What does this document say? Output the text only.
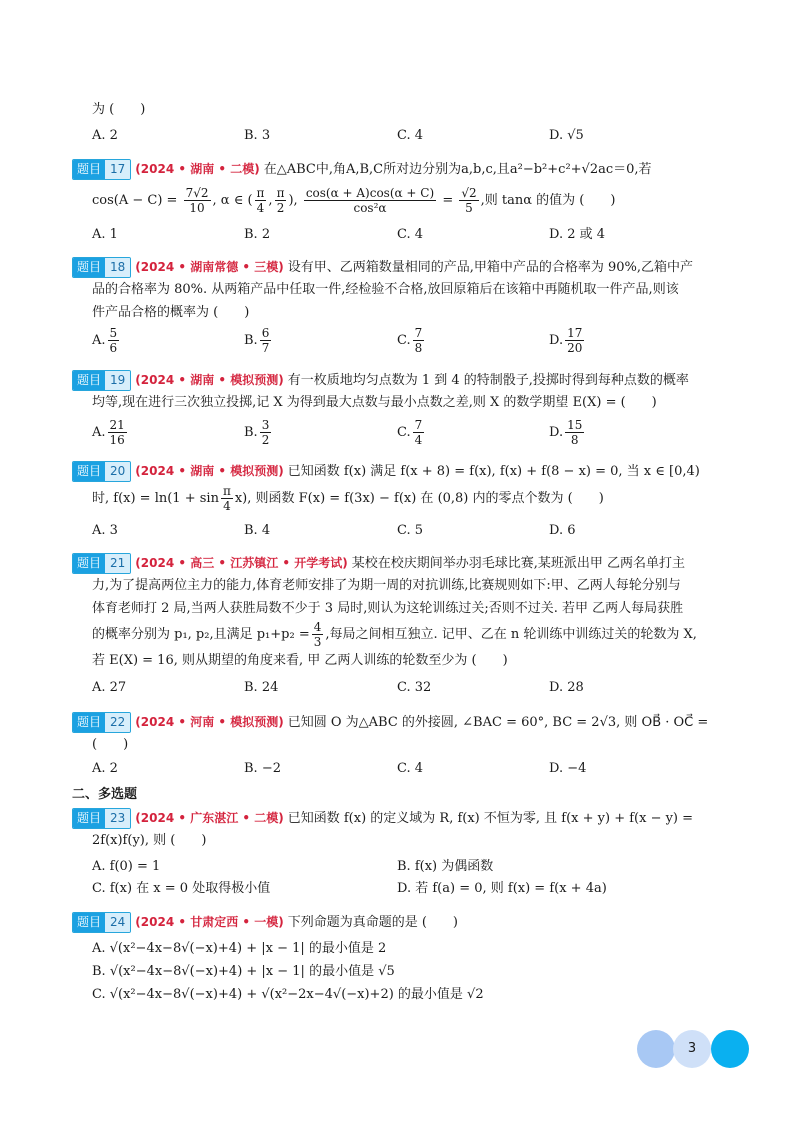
为 (　　)
A. 2	B. 3	C. 4	D. √5
题目 17 (2024 • 湖南 • 二模) 在△ABC中,角A,B,C所对边分别为a,b,c,且a²−b²+c²+√2ac＝0,若
$\cos(A - C) = \frac{7√2}{10}$ , α ∈ ( $\frac{\pi}{4}$ , $\frac{\pi}{2}$ ), $\frac{\cos(\alpha + A)\cos(\alpha + C)}{\text{cos²α}} = \frac{√2}{5}$ ,则 tanα 的值为 (　　)
A. 1	B. 2	C. 4	D. 2 或 4
题目 18 (2024 • 湖南常德 • 三模) 设有甲、乙两箱数量相同的产品,甲箱中产品的合格率为 90%,乙箱中产
品的合格率为 80%. 从两箱产品中任取一件,经检验不合格,放回原箱后在该箱中再随机取一件产品,则该
件产品合格的概率为 (　　)
A. $\frac{5}{6}$	B. $\frac{6}{7}$	C. $\frac{7}{8}$	D. $\frac{17}{20}$
题目 19 (2024 • 湖南 • 模拟预测) 有一枚质地均匀点数为 1 到 4 的特制骰子,投掷时得到每种点数的概率
均等,现在进行三次独立投掷,记 X 为得到最大点数与最小点数之差,则 X 的数学期望 E(X) = (　　)
A. $\frac{21}{16}$	B. $\frac{3}{2}$	C. $\frac{7}{4}$	D. $\frac{15}{8}$
题目 20 (2024 • 湖南 • 模拟预测) 已知函数 f(x) 满足 f(x + 8) = f(x), f(x) + f(8 − x) = 0, 当 x ∈ [0,4)
时, $f(x) = \ln(1 + \sin \frac{\pi}{4} x)$, 则函数 F(x) = f(3x) − f(x) 在 (0,8) 内的零点个数为 (　　)
A. 3	B. 4	C. 5	D. 6
题目 21 (2024 • 高三 • 江苏镇江 • 开学考试) 某校在校庆期间举办羽毛球比赛,某班派出甲 乙两名单打主
力,为了提高两位主力的能力,体育老师安排了为期一周的对抗训练,比赛规则如下:甲、乙两人每轮分别与
体育老师打 2 局,当两人获胜局数不少于 3 局时,则认为这轮训练过关;否则不过关. 若甲 乙两人每局获胜
的概率分别为 p₁, p₂,且满足 $p_1+p_2 = \frac{4}{3}$ ,每局之间相互独立. 记甲、乙在 n 轮训练中训练过关的轮数为 X,
若 E(X) = 16, 则从期望的角度来看, 甲 乙两人训练的轮数至少为 (　　)
A. 27	B. 24	C. 32	D. 28
题目 22 (2024 • 河南 • 模拟预测) 已知圆 O 为△ABC 的外接圆, ∠BAC = 60°, BC = 2√3, 则 OB⃗ · OC⃗ =
(　　)
A. 2	B. −2	C. 4	D. −4
二、多选题
题目 23 (2024 • 广东湛江 • 二模) 已知函数 f(x) 的定义域为 R, f(x) 不恒为零, 且 f(x + y) + f(x − y) =
2f(x)f(y), 则 (　　)
A. f(0) = 1	B. f(x) 为偶函数
C. f(x) 在 x = 0 处取得极小值	D. 若 f(a) = 0, 则 f(x) = f(x + 4a)
题目 24 (2024 • 甘肃定西 • 一模) 下列命题为真命题的是 (　　)
A. √(x²−4x−8√(−x)+4) + |x − 1| 的最小值是 2
B. √(x²−4x−8√(−x)+4) + |x − 1| 的最小值是 √5
C. √(x²−4x−8√(−x)+4) + √(x²−2x−4√(−x)+2) 的最小值是 √2
3
